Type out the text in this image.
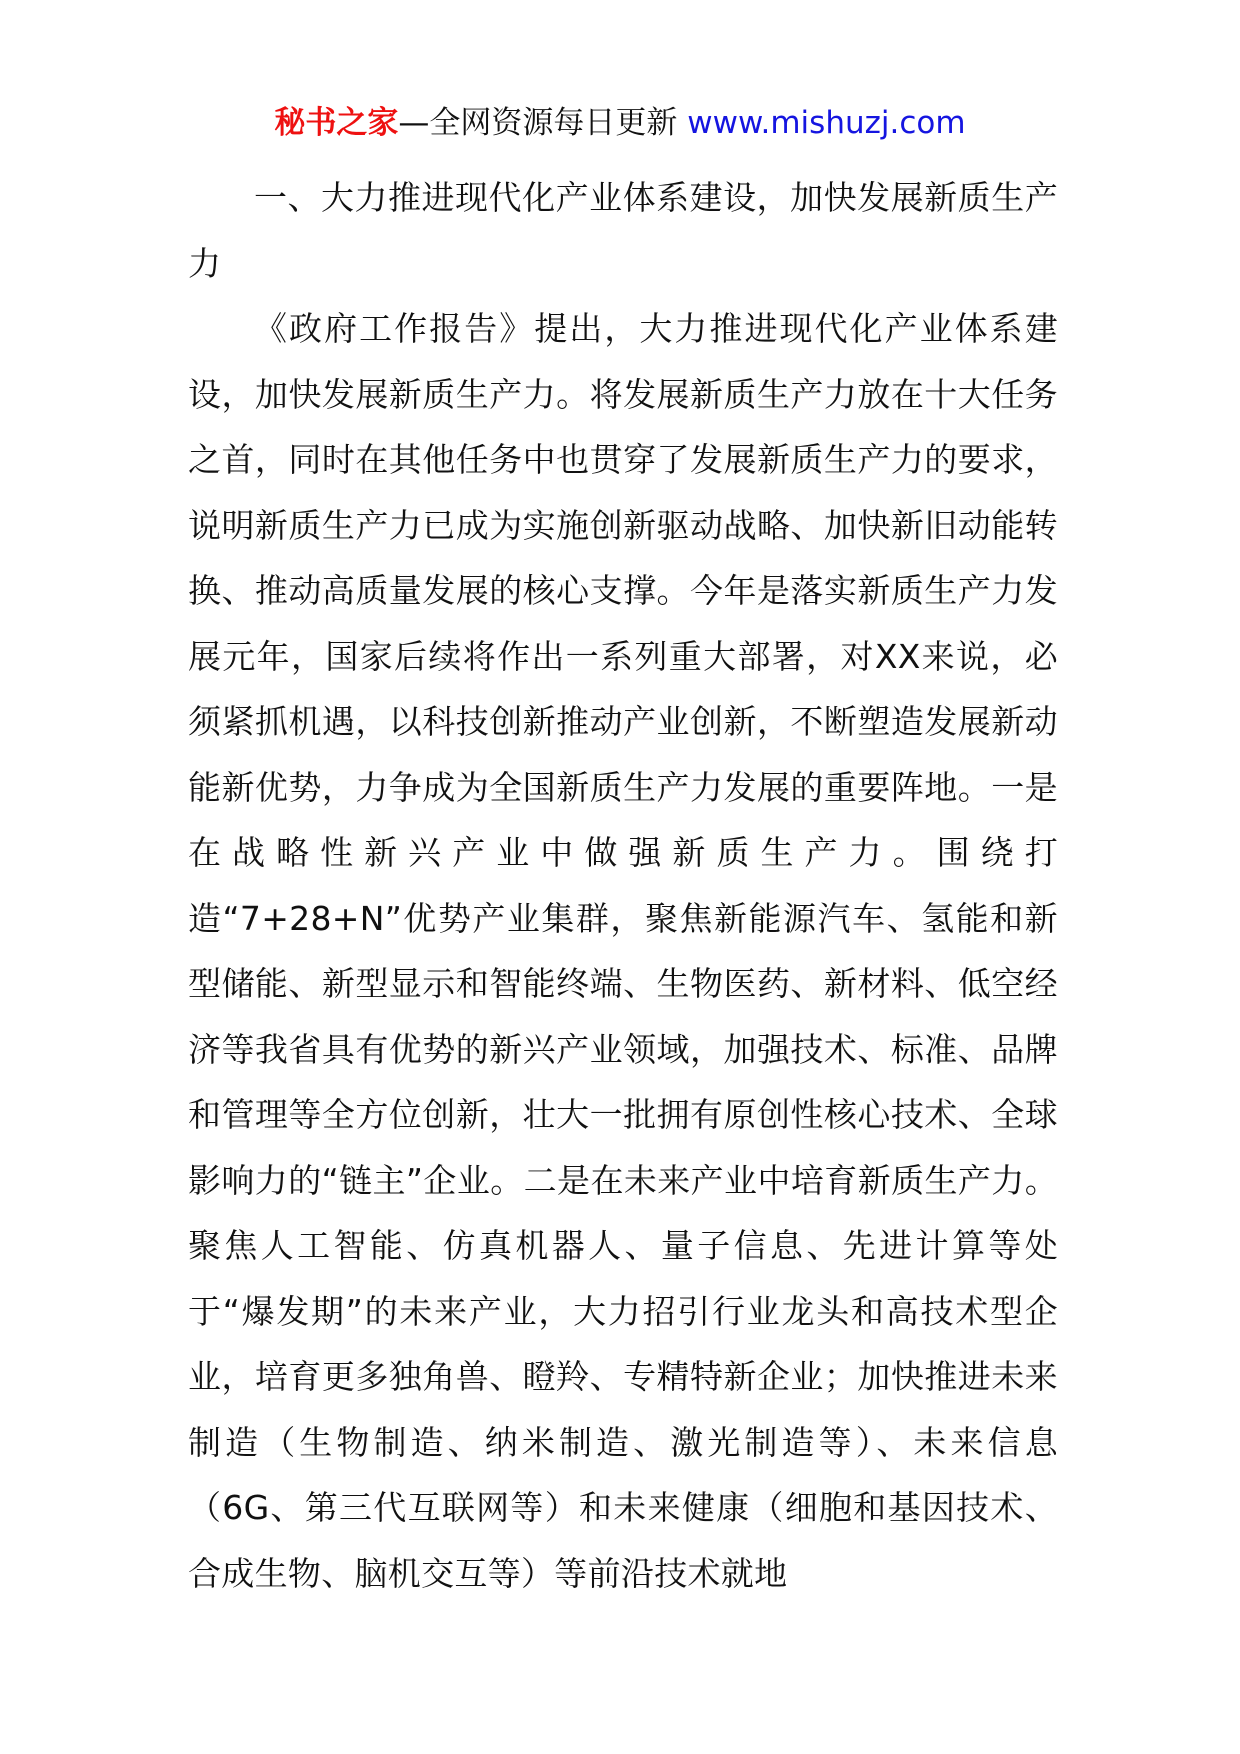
秘书之家—全网资源每日更新 www.mishuzj.com

一、大力推进现代化产业体系建设，加快发展新质生产力

《政府工作报告》提出，大力推进现代化产业体系建设，加快发展新质生产力。将发展新质生产力放在十大任务之首，同时在其他任务中也贯穿了发展新质生产力的要求，说明新质生产力已成为实施创新驱动战略、加快新旧动能转换、推动高质量发展的核心支撑。今年是落实新质生产力发展元年，国家后续将作出一系列重大部署，对XX来说，必须紧抓机遇，以科技创新推动产业创新，不断塑造发展新动能新优势，力争成为全国新质生产力发展的重要阵地。一是在战略性新兴产业中做强新质生产力。围绕打造“7+28+N”优势产业集群，聚焦新能源汽车、氢能和新型储能、新型显示和智能终端、生物医药、新材料、低空经济等我省具有优势的新兴产业领域，加强技术、标准、品牌和管理等全方位创新，壮大一批拥有原创性核心技术、全球影响力的“链主”企业。二是在未来产业中培育新质生产力。聚焦人工智能、仿真机器人、量子信息、先进计算等处于“爆发期”的未来产业，大力招引行业龙头和高技术型企业，培育更多独角兽、瞪羚、专精特新企业；加快推进未来制造（生物制造、纳米制造、激光制造等）、未来信息（6G、第三代互联网等）和未来健康（细胞和基因技术、合成生物、脑机交互等）等前沿技术就地
